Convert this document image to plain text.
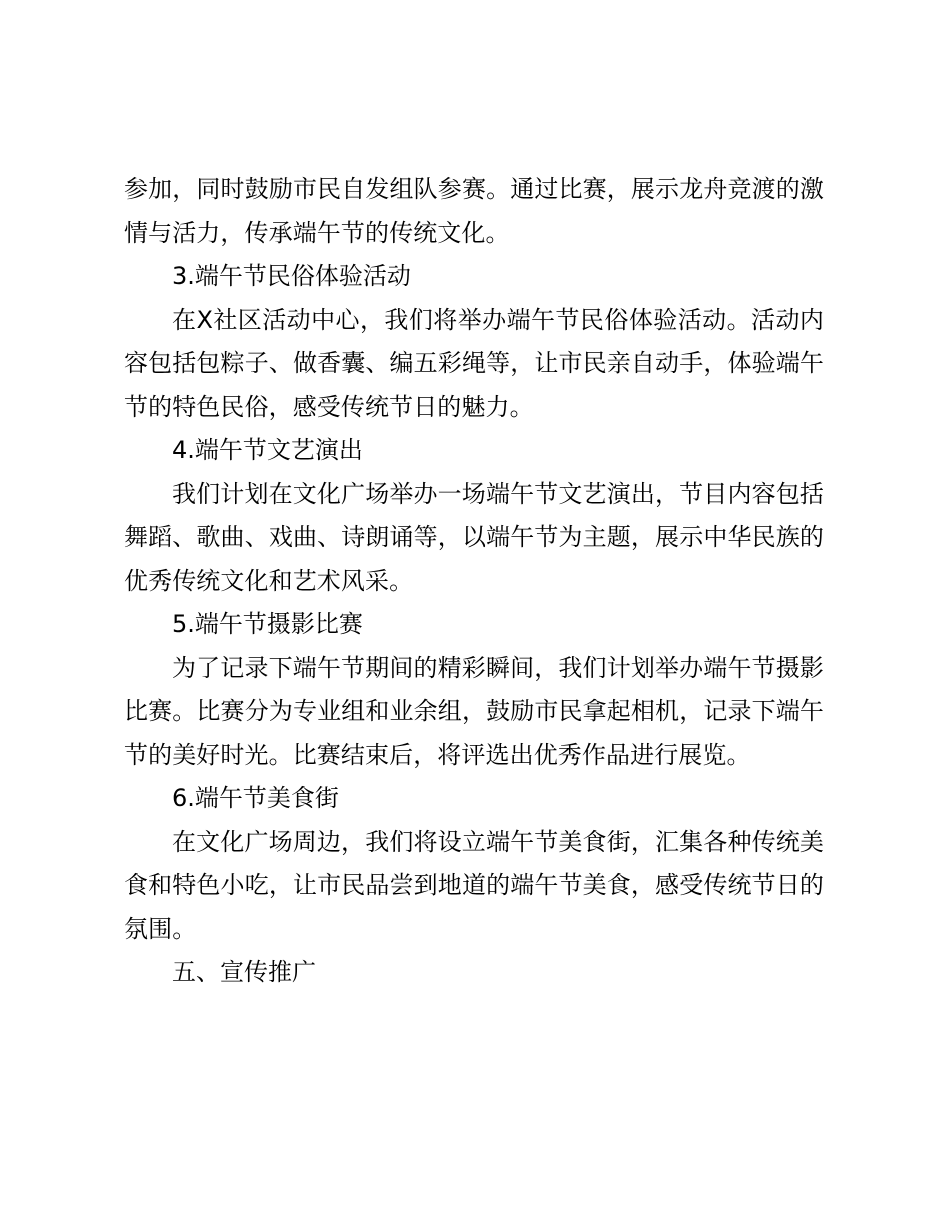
参加，同时鼓励市民自发组队参赛。通过比赛，展示龙舟竞渡的激情与活力，传承端午节的传统文化。

3.端午节民俗体验活动

在X社区活动中心，我们将举办端午节民俗体验活动。活动内容包括包粽子、做香囊、编五彩绳等，让市民亲自动手，体验端午节的特色民俗，感受传统节日的魅力。

4.端午节文艺演出

我们计划在文化广场举办一场端午节文艺演出，节目内容包括舞蹈、歌曲、戏曲、诗朗诵等，以端午节为主题，展示中华民族的优秀传统文化和艺术风采。

5.端午节摄影比赛

为了记录下端午节期间的精彩瞬间，我们计划举办端午节摄影比赛。比赛分为专业组和业余组，鼓励市民拿起相机，记录下端午节的美好时光。比赛结束后，将评选出优秀作品进行展览。

6.端午节美食街

在文化广场周边，我们将设立端午节美食街，汇集各种传统美食和特色小吃，让市民品尝到地道的端午节美食，感受传统节日的氛围。

五、宣传推广
